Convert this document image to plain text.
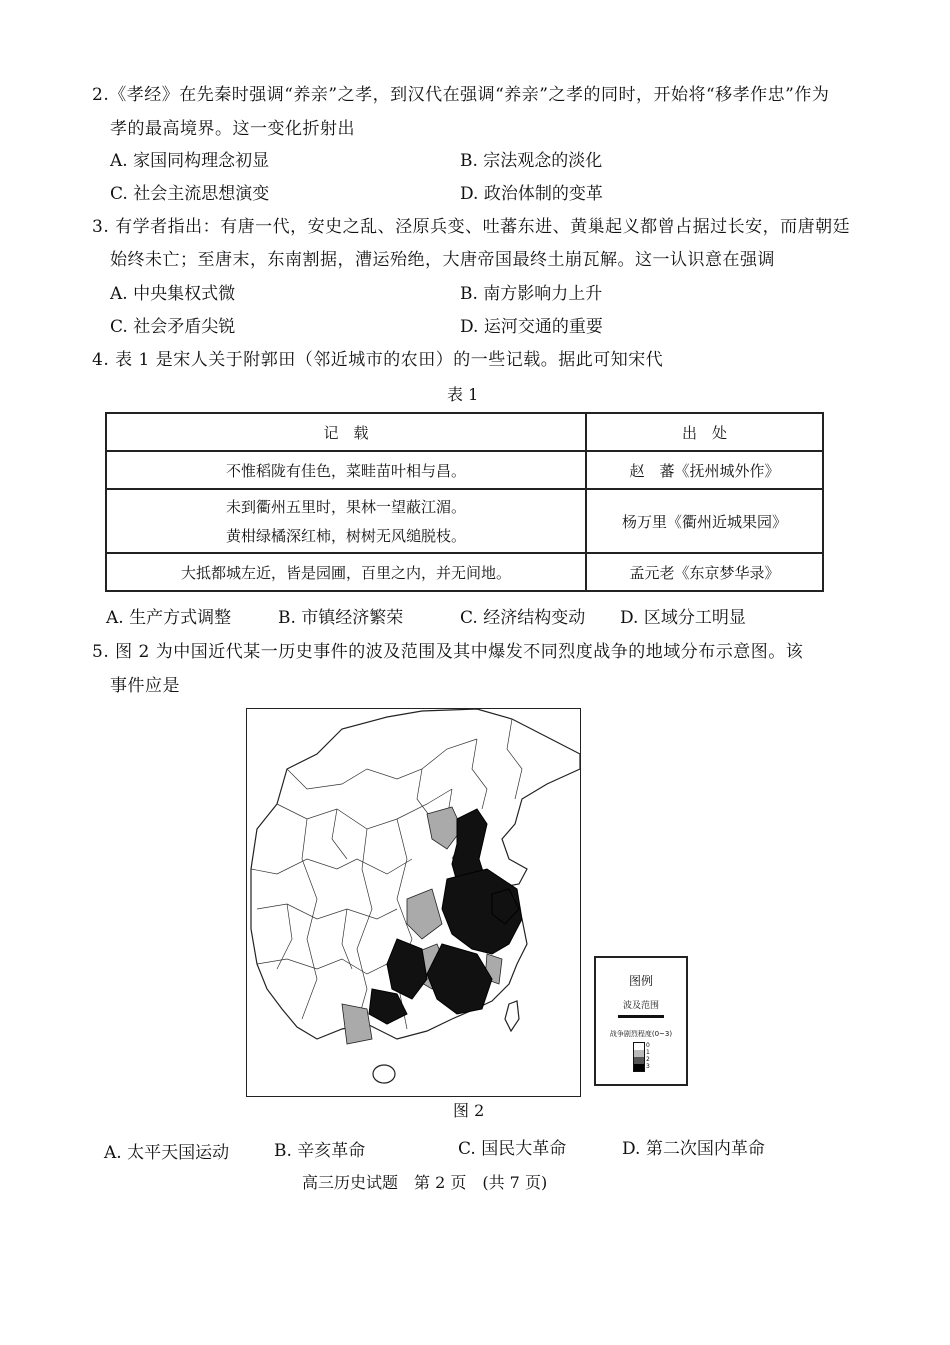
2.《孝经》在先秦时强调“养亲”之孝，到汉代在强调“养亲”之孝的同时，开始将“移孝作忠”作为
孝的最高境界。这一变化折射出
A. 家国同构理念初显	B. 宗法观念的淡化
C. 社会主流思想演变	D. 政治体制的变革
3. 有学者指出：有唐一代，安史之乱、泾原兵变、吐蕃东进、黄巢起义都曾占据过长安，而唐朝廷
始终未亡；至唐末，东南割据，漕运殆绝，大唐帝国最终土崩瓦解。这一认识意在强调
A. 中央集权式微	B. 南方影响力上升
C. 社会矛盾尖锐	D. 运河交通的重要
4. 表 1 是宋人关于附郭田（邻近城市的农田）的一些记载。据此可知宋代
表 1
记　载	出　处
不惟稻陇有佳色，菜畦苗叶相与昌。	赵　蕃《抚州城外作》

未到衢州五里时，果林一望蔽江湄。
黄柑绿橘深红柿，树树无风缒脱枝。	杨万里《衢州近城果园》
大抵都城左近，皆是园圃，百里之内，并无间地。	孟元老《东京梦华录》
A. 生产方式调整	B. 市镇经济繁荣	C. 经济结构变动 D. 区域分工明显
5. 图 2 为中国近代某一历史事件的波及范围及其中爆发不同烈度战争的地域分布示意图。该
事件应是
图例
波及范围
战争剧烈程度(0~3)
0
1
2
3
图 2
A. 太平天国运动	B. 辛亥革命	C. 国民大革命	D. 第二次国内革命
高三历史试题　第 2 页　(共 7 页)
